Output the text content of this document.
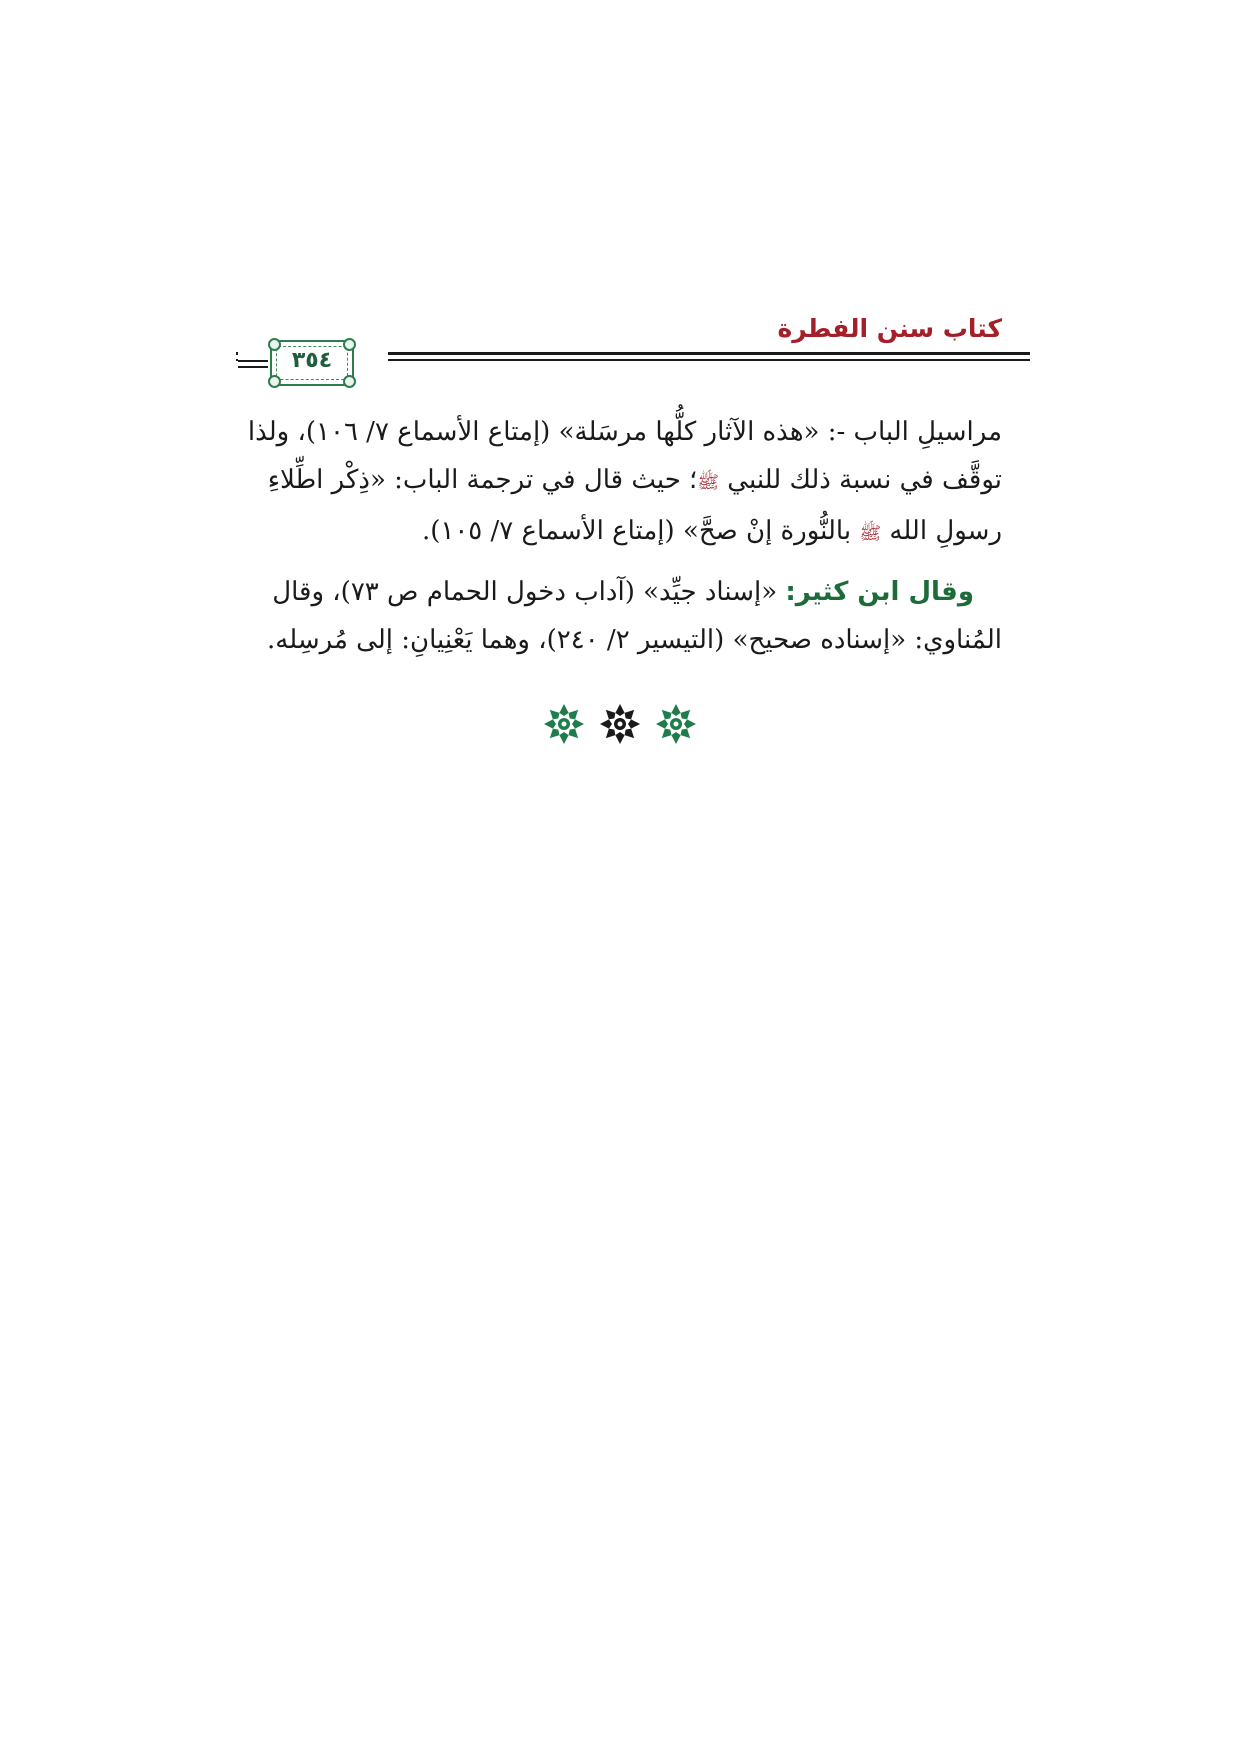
كتاب سنن الفطرة
٣٥٤

مراسيلِ الباب -: «هذه الآثار كلُّها مرسَلة» (إمتاع الأسماع ٧/ ١٠٦)، ولذا
توقَّف في نسبة ذلك للنبي ﷺ؛ حيث قال في ترجمة الباب: «ذِكْر اطِّلاءِ
رسولِ الله ﷺ بالنُّورة إنْ صحَّ» (إمتاع الأسماع ٧/ ١٠٥).

وقال ابن كثير: «إسناد جيِّد» (آداب دخول الحمام ص ٧٣)، وقال
المُناوي: «إسناده صحيح» (التيسير ٢/ ٢٤٠)، وهما يَعْنِيانِ: إلى مُرسِله.
